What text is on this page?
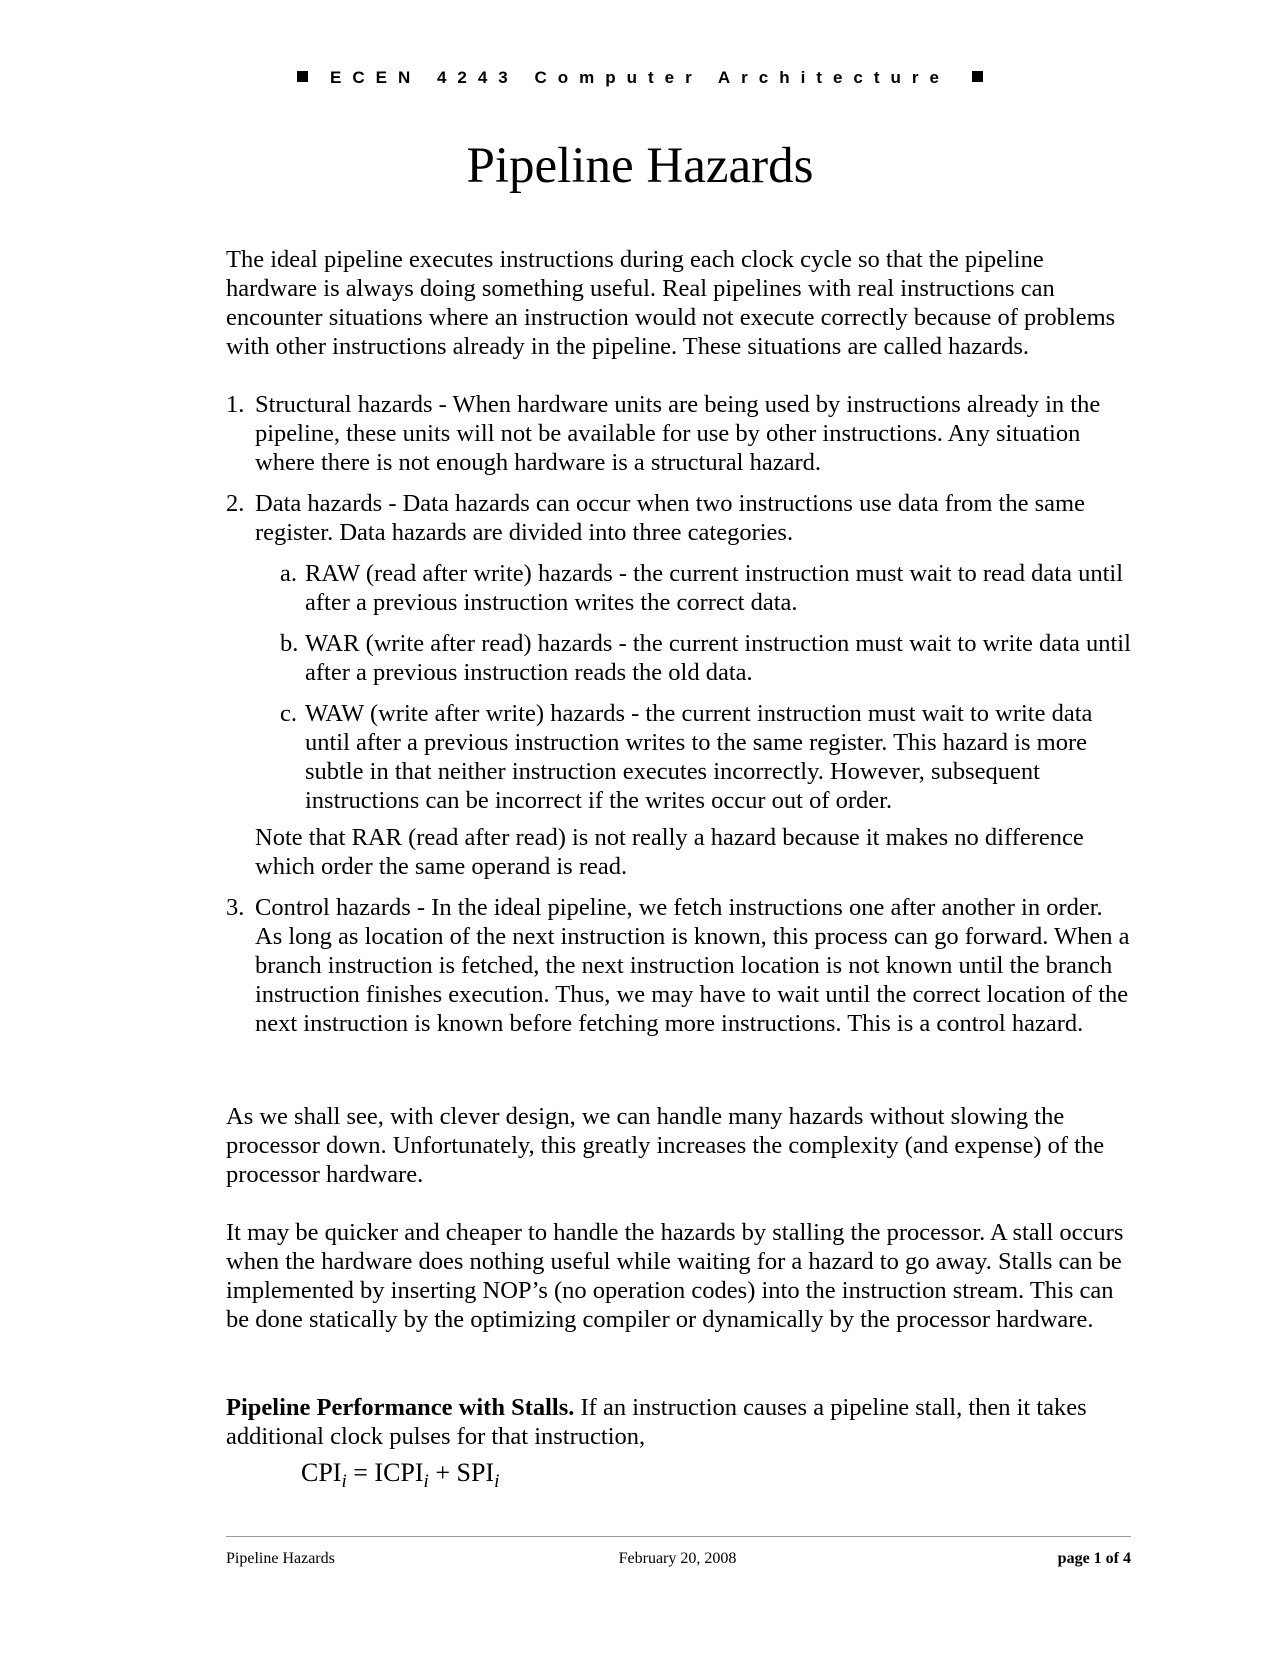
ECEN 4243 Computer Architecture
Pipeline Hazards
The ideal pipeline executes instructions during each clock cycle so that the pipeline hardware is always doing something useful. Real pipelines with real instructions can encounter situations where an instruction would not execute correctly because of problems with other instructions already in the pipeline. These situations are called hazards.
1. Structural hazards - When hardware units are being used by instructions already in the pipeline, these units will not be available for use by other instructions. Any situation where there is not enough hardware is a structural hazard.
2. Data hazards - Data hazards can occur when two instructions use data from the same register. Data hazards are divided into three categories.
a. RAW (read after write) hazards - the current instruction must wait to read data until after a previous instruction writes the correct data.
b. WAR (write after read) hazards - the current instruction must wait to write data until after a previous instruction reads the old data.
c. WAW (write after write) hazards - the current instruction must wait to write data until after a previous instruction writes to the same register. This hazard is more subtle in that neither instruction executes incorrectly. However, subsequent instructions can be incorrect if the writes occur out of order.
Note that RAR (read after read) is not really a hazard because it makes no difference which order the same operand is read.
3. Control hazards - In the ideal pipeline, we fetch instructions one after another in order. As long as location of the next instruction is known, this process can go forward. When a branch instruction is fetched, the next instruction location is not known until the branch instruction finishes execution. Thus, we may have to wait until the correct location of the next instruction is known before fetching more instructions. This is a control hazard.
As we shall see, with clever design, we can handle many hazards without slowing the processor down. Unfortunately, this greatly increases the complexity (and expense) of the processor hardware.
It may be quicker and cheaper to handle the hazards by stalling the processor. A stall occurs when the hardware does nothing useful while waiting for a hazard to go away. Stalls can be implemented by inserting NOP’s (no operation codes) into the instruction stream. This can be done statically by the optimizing compiler or dynamically by the processor hardware.
Pipeline Performance with Stalls. If an instruction causes a pipeline stall, then it takes additional clock pulses for that instruction,
$CPI_i$ = $ICPI_i + SPI_i$
Pipeline Hazards	February 20, 2008	page 1 of 4
